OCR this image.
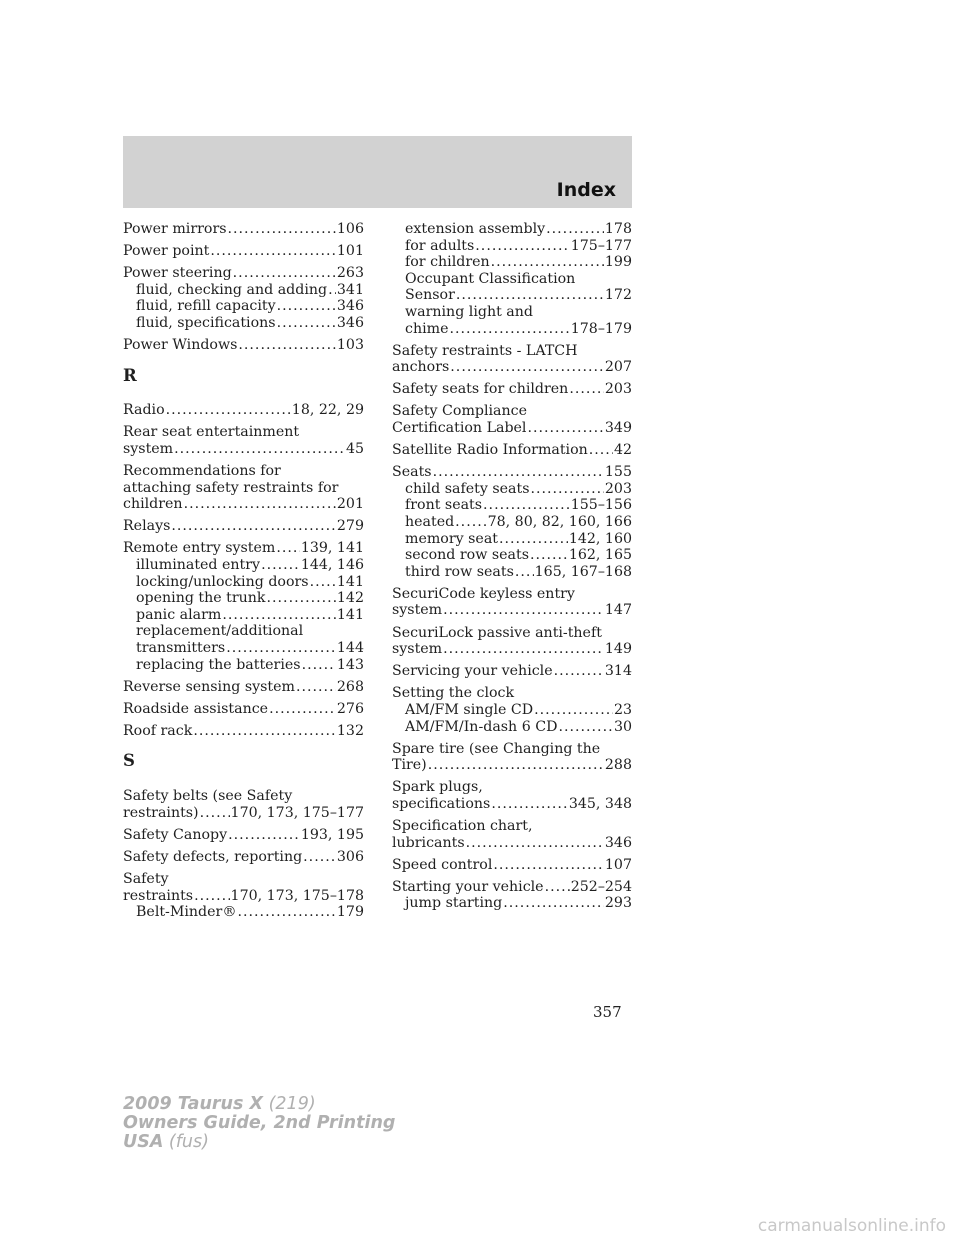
Index
Power mirrors .....	106
Power point .....	101
Power steering .....	263
fluid, checking and adding ..... 341
fluid, refill capacity .....	346
fluid, specifications .....	346
Power Windows .....	103
R
Radio .....	18, 22, 29
Rear seat entertainment
system .....	45
Recommendations for
attaching safety restraints for
children .....	201
Relays .....	279
Remote entry system ..... 139, 141
illuminated entry .....	144, 146
locking/unlocking doors ..... 141
opening the trunk .....	142
panic alarm .....	141
replacement/additional
transmitters .....	144
replacing the batteries .....	143
Reverse sensing system .....	268
Roadside assistance .....	276
Roof rack .....	132
S
Safety belts (see Safety
restraints) ..... 170, 173, 175–177
Safety Canopy .....	193, 195
Safety defects, reporting ..... 306
Safety
restraints .....	170, 173, 175–178
Belt-Minder® .....	179
extension assembly .....	178
for adults .....	175–177
for children .....	199
Occupant Classification
Sensor .....	172
warning light and
chime .....	178–179
Safety restraints - LATCH
anchors .....	207
Safety seats for children .....	203
Safety Compliance
Certification Label .....	349
Satellite Radio Information ..... 42
Seats .....	155
child safety seats .....	203
front seats .....	155–156
heated ..... 78, 80, 82, 160, 166
memory seat .....	142, 160
second row seats .....	162, 165
third row seats ..... 165, 167–168
SecuriCode keyless entry
system .....	147
SecuriLock passive anti-theft
system .....	149
Servicing your vehicle .....	314
Setting the clock
AM/FM single CD .....	23
AM/FM/In-dash 6 CD .....	30
Spare tire (see Changing the
Tire) .....	288
Spark plugs,
specifications .....	345, 348
Specification chart,
lubricants .....	346
Speed control .....	107
Starting your vehicle ..... 252–254
jump starting .....	293
357
2009 Taurus X (219)
Owners Guide, 2nd Printing
USA (fus)
carmanualsonline.info
